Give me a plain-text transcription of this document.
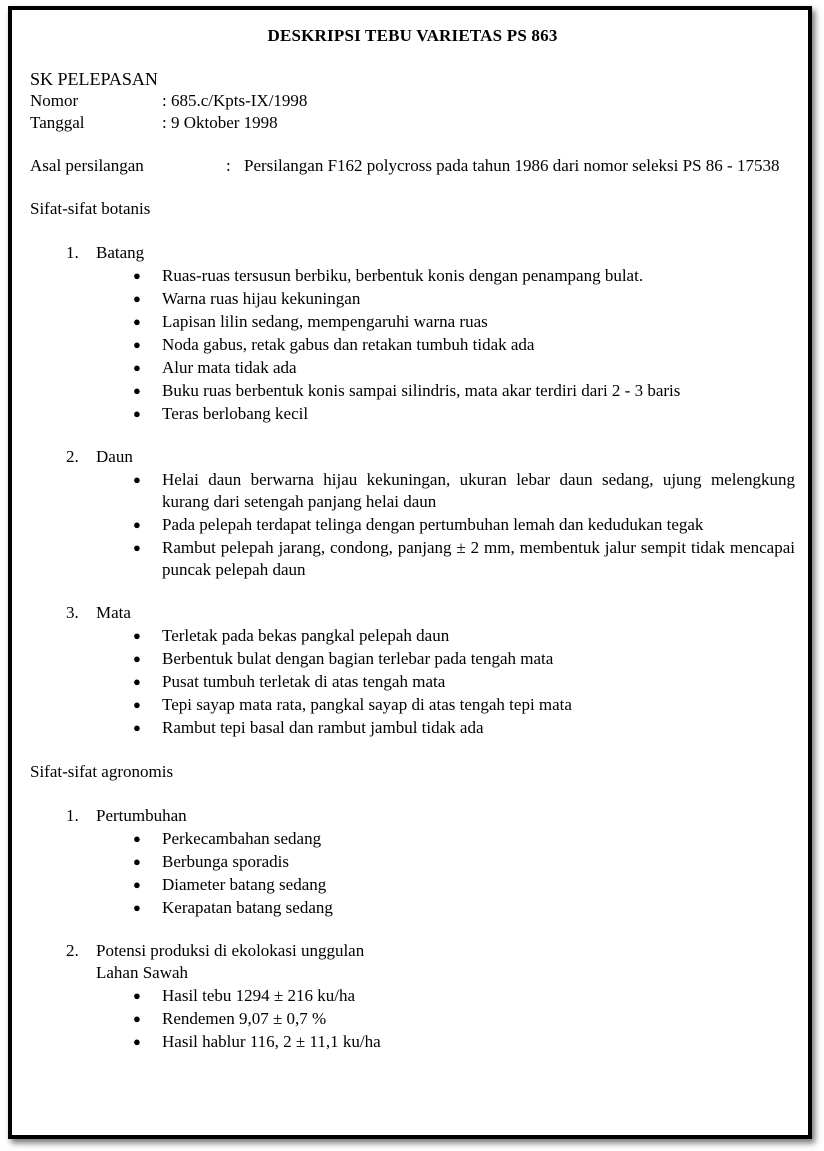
DESKRIPSI TEBU VARIETAS PS 863
SK PELEPASAN
Nomor	: 685.c/Kpts-IX/1998
Tanggal	: 9 Oktober 1998
Asal persilangan	: Persilangan F162 polycross pada tahun 1986 dari nomor seleksi PS 86 - 17538
Sifat-sifat botanis
1.	Batang
● Ruas-ruas tersusun berbiku, berbentuk konis dengan penampang bulat.
● Warna ruas hijau kekuningan
● Lapisan lilin sedang, mempengaruhi warna ruas
● Noda gabus, retak gabus dan retakan tumbuh tidak ada
● Alur mata tidak ada
● Buku ruas berbentuk konis sampai silindris, mata akar terdiri dari 2 - 3 baris
● Teras berlobang kecil
2.	Daun
● Helai daun berwarna hijau kekuningan, ukuran lebar daun sedang, ujung melengkung kurang dari setengah panjang helai daun
● Pada pelepah terdapat telinga dengan pertumbuhan lemah dan kedudukan tegak
● Rambut pelepah jarang, condong, panjang ± 2 mm, membentuk jalur sempit tidak mencapai puncak pelepah daun
3.	Mata
● Terletak pada bekas pangkal pelepah daun
● Berbentuk bulat dengan bagian terlebar pada tengah mata
● Pusat tumbuh terletak di atas tengah mata
● Tepi sayap mata rata, pangkal sayap di atas tengah tepi mata
● Rambut tepi basal dan rambut jambul tidak ada
Sifat-sifat agronomis
1.	Pertumbuhan
● Perkecambahan sedang
● Berbunga sporadis
● Diameter batang sedang
● Kerapatan batang sedang
2.	Potensi produksi di ekolokasi unggulan
Lahan Sawah
● Hasil tebu 1294 ± 216 ku/ha
● Rendemen 9,07 ± 0,7 %
● Hasil hablur 116, 2 ± 11,1 ku/ha
